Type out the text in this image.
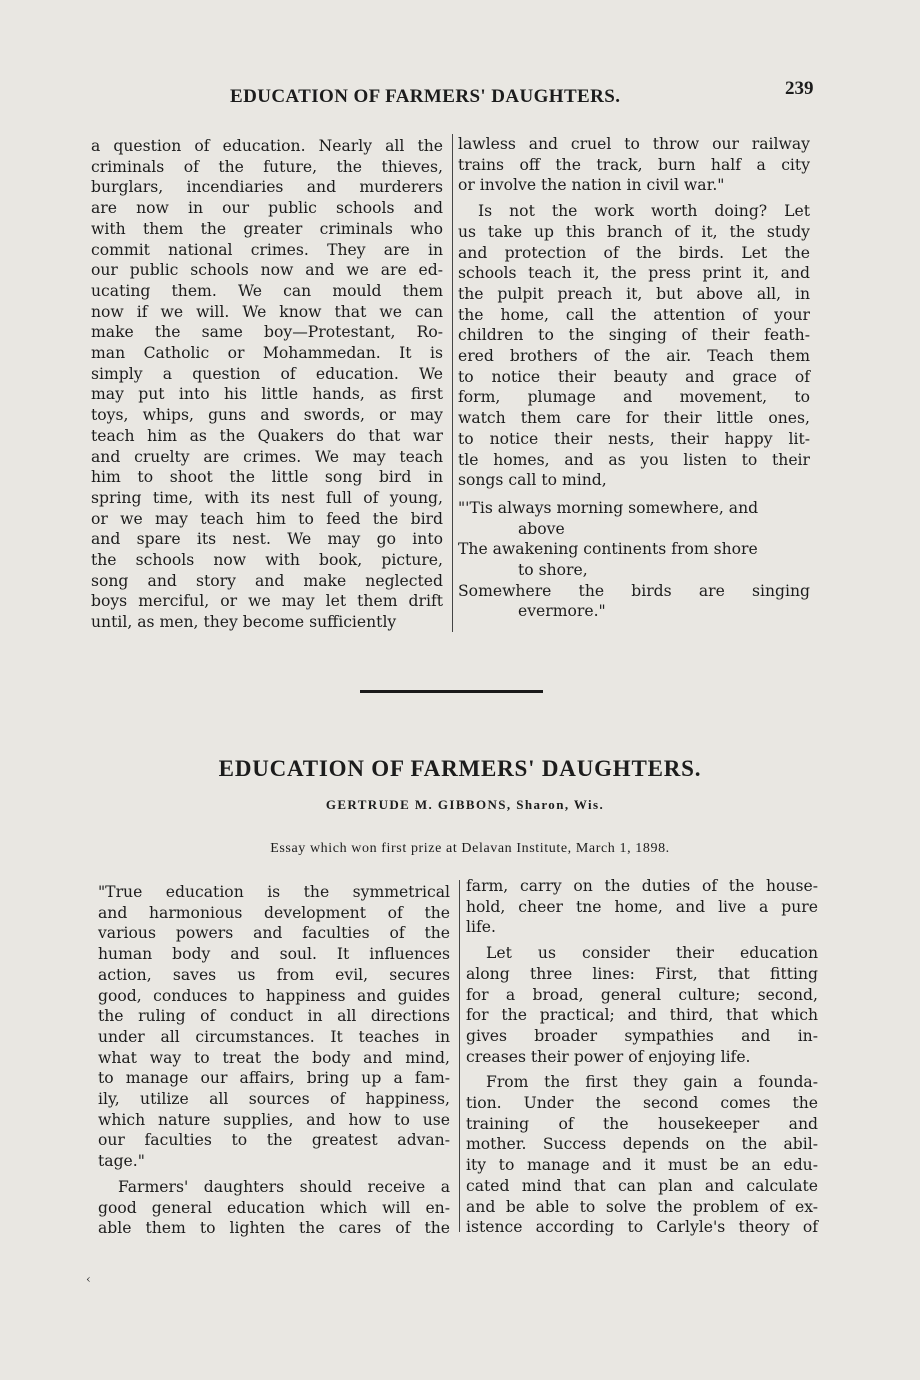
EDUCATION OF FARMERS' DAUGHTERS.	239

a question of education. Nearly all the

criminals of the future, the thieves,

burglars, incendiaries and murderers

are now in our public schools and

with them the greater criminals who

commit national crimes. They are in

our public schools now and we are ed-

ucating them. We can mould them

now if we will. We know that we can

make the same boy—Protestant, Ro-

man Catholic or Mohammedan. It is

simply a question of education. We

may put into his little hands, as first

toys, whips, guns and swords, or may

teach him as the Quakers do that war

and cruelty are crimes. We may teach

him to shoot the little song bird in

spring time, with its nest full of young,

or we may teach him to feed the bird

and spare its nest. We may go into

the schools now with book, picture,

song and story and make neglected

boys merciful, or we may let them drift

until, as men, they become sufficiently

lawless and cruel to throw our railway

trains off the track, burn half a city

or involve the nation in civil war."

Is not the work worth doing? Let

us take up this branch of it, the study

and protection of the birds. Let the

schools teach it, the press print it, and

the pulpit preach it, but above all, in

the home, call the attention of your

children to the singing of their feath-

ered brothers of the air. Teach them

to notice their beauty and grace of

form, plumage and movement, to

watch them care for their little ones,

to notice their nests, their happy lit-

tle homes, and as you listen to their

songs call to mind,

"'Tis always morning somewhere, and

above

The awakening continents from shore

to shore,

Somewhere the birds are singing

evermore."

EDUCATION OF FARMERS' DAUGHTERS.
GERTRUDE M. GIBBONS, Sharon, Wis.
Essay which won first prize at Delavan Institute, March 1, 1898.

"True education is the symmetrical

and harmonious development of the

various powers and faculties of the

human body and soul. It influences

action, saves us from evil, secures

good, conduces to happiness and guides

the ruling of conduct in all directions

under all circumstances. It teaches in

what way to treat the body and mind,

to manage our affairs, bring up a fam-

ily, utilize all sources of happiness,

which nature supplies, and how to use

our faculties to the greatest advan-

tage."

Farmers' daughters should receive a

good general education which will en-

able them to lighten the cares of the

farm, carry on the duties of the house-

hold, cheer tne home, and live a pure

life.

Let us consider their education

along three lines: First, that fitting

for a broad, general culture; second,

for the practical; and third, that which

gives broader sympathies and in-

creases their power of enjoying life.

From the first they gain a founda-

tion. Under the second comes the

training of the housekeeper and

mother. Success depends on the abil-

ity to manage and it must be an edu-

cated mind that can plan and calculate

and be able to solve the problem of ex-

istence according to Carlyle's theory of

‹
